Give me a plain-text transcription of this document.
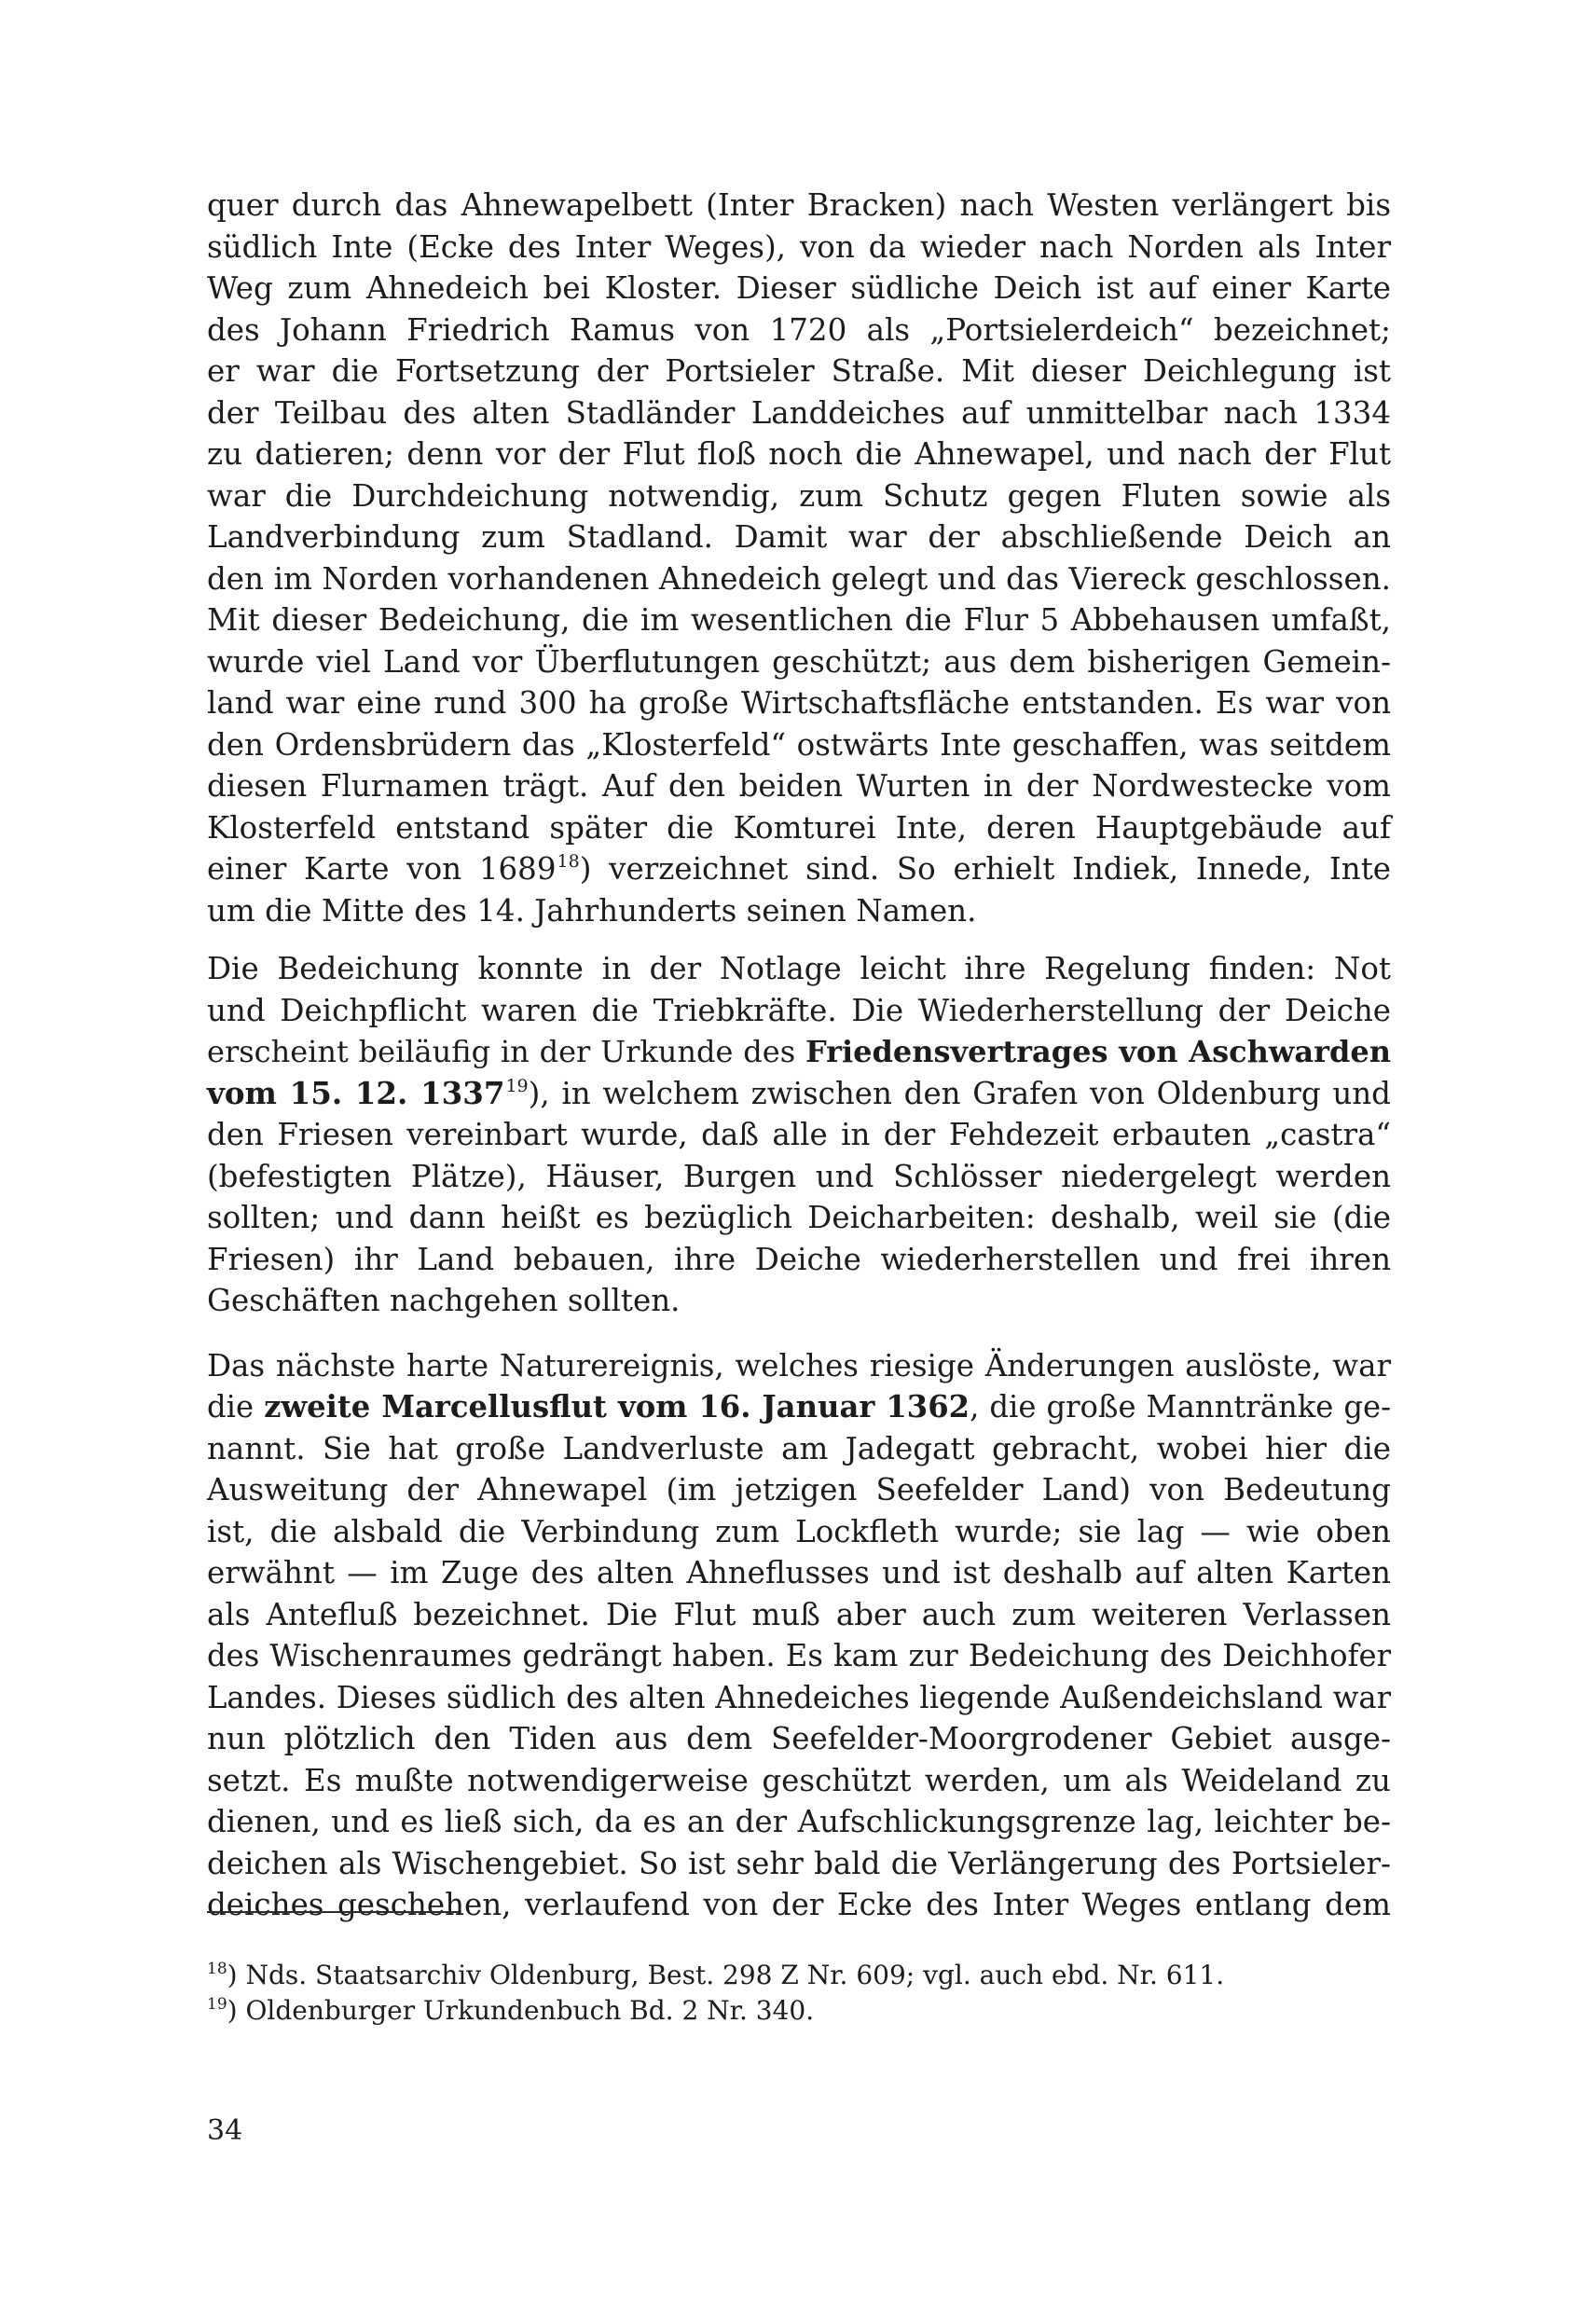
quer durch das Ahnewapelbett (Inter Bracken) nach Westen verlängert bis
südlich Inte (Ecke des Inter Weges), von da wieder nach Norden als Inter
Weg zum Ahnedeich bei Kloster. Dieser südliche Deich ist auf einer Karte
des Johann Friedrich Ramus von 1720 als „Portsielerdeich“ bezeichnet;
er war die Fortsetzung der Portsieler Straße. Mit dieser Deichlegung ist
der Teilbau des alten Stadländer Landdeiches auf unmittelbar nach 1334
zu datieren; denn vor der Flut floß noch die Ahnewapel, und nach der Flut
war die Durchdeichung notwendig, zum Schutz gegen Fluten sowie als
Landverbindung zum Stadland. Damit war der abschließende Deich an
den im Norden vorhandenen Ahnedeich gelegt und das Viereck geschlossen.
Mit dieser Bedeichung, die im wesentlichen die Flur 5 Abbehausen umfaßt,
wurde viel Land vor Überflutungen geschützt; aus dem bisherigen Gemein-
land war eine rund 300 ha große Wirtschaftsfläche entstanden. Es war von
den Ordensbrüdern das „Klosterfeld“ ostwärts Inte geschaffen, was seitdem
diesen Flurnamen trägt. Auf den beiden Wurten in der Nordwestecke vom
Klosterfeld entstand später die Komturei Inte, deren Hauptgebäude auf
einer Karte von 1689$^{18}$) verzeichnet sind. So erhielt Indiek, Innede, Inte
um die Mitte des 14. Jahrhunderts seinen Namen.

Die Bedeichung konnte in der Notlage leicht ihre Regelung finden: Not
und Deichpflicht waren die Triebkräfte. Die Wiederherstellung der Deiche
erscheint beiläufig in der Urkunde des Friedensvertrages von Aschwarden
vom 15. 12. 1337$^{19}$), in welchem zwischen den Grafen von Oldenburg und
den Friesen vereinbart wurde, daß alle in der Fehdezeit erbauten „castra“
(befestigten Plätze), Häuser, Burgen und Schlösser niedergelegt werden
sollten; und dann heißt es bezüglich Deicharbeiten: deshalb, weil sie (die
Friesen) ihr Land bebauen, ihre Deiche wiederherstellen und frei ihren
Geschäften nachgehen sollten.

Das nächste harte Naturereignis, welches riesige Änderungen auslöste, war
die zweite Marcellusflut vom 16. Januar 1362, die große Manntränke ge-
nannt. Sie hat große Landverluste am Jadegatt gebracht, wobei hier die
Ausweitung der Ahnewapel (im jetzigen Seefelder Land) von Bedeutung
ist, die alsbald die Verbindung zum Lockfleth wurde; sie lag — wie oben
erwähnt — im Zuge des alten Ahneflusses und ist deshalb auf alten Karten
als Antefluß bezeichnet. Die Flut muß aber auch zum weiteren Verlassen
des Wischenraumes gedrängt haben. Es kam zur Bedeichung des Deichhofer
Landes. Dieses südlich des alten Ahnedeiches liegende Außendeichsland war
nun plötzlich den Tiden aus dem Seefelder-Moorgrodener Gebiet ausge-
setzt. Es mußte notwendigerweise geschützt werden, um als Weideland zu
dienen, und es ließ sich, da es an der Aufschlickungsgrenze lag, leichter be-
deichen als Wischengebiet. So ist sehr bald die Verlängerung des Portsieler-
deiches geschehen, verlaufend von der Ecke des Inter Weges entlang dem

$^{18}$) Nds. Staatsarchiv Oldenburg, Best. 298 Z Nr. 609; vgl. auch ebd. Nr. 611.
$^{19}$) Oldenburger Urkundenbuch Bd. 2 Nr. 340.
34
